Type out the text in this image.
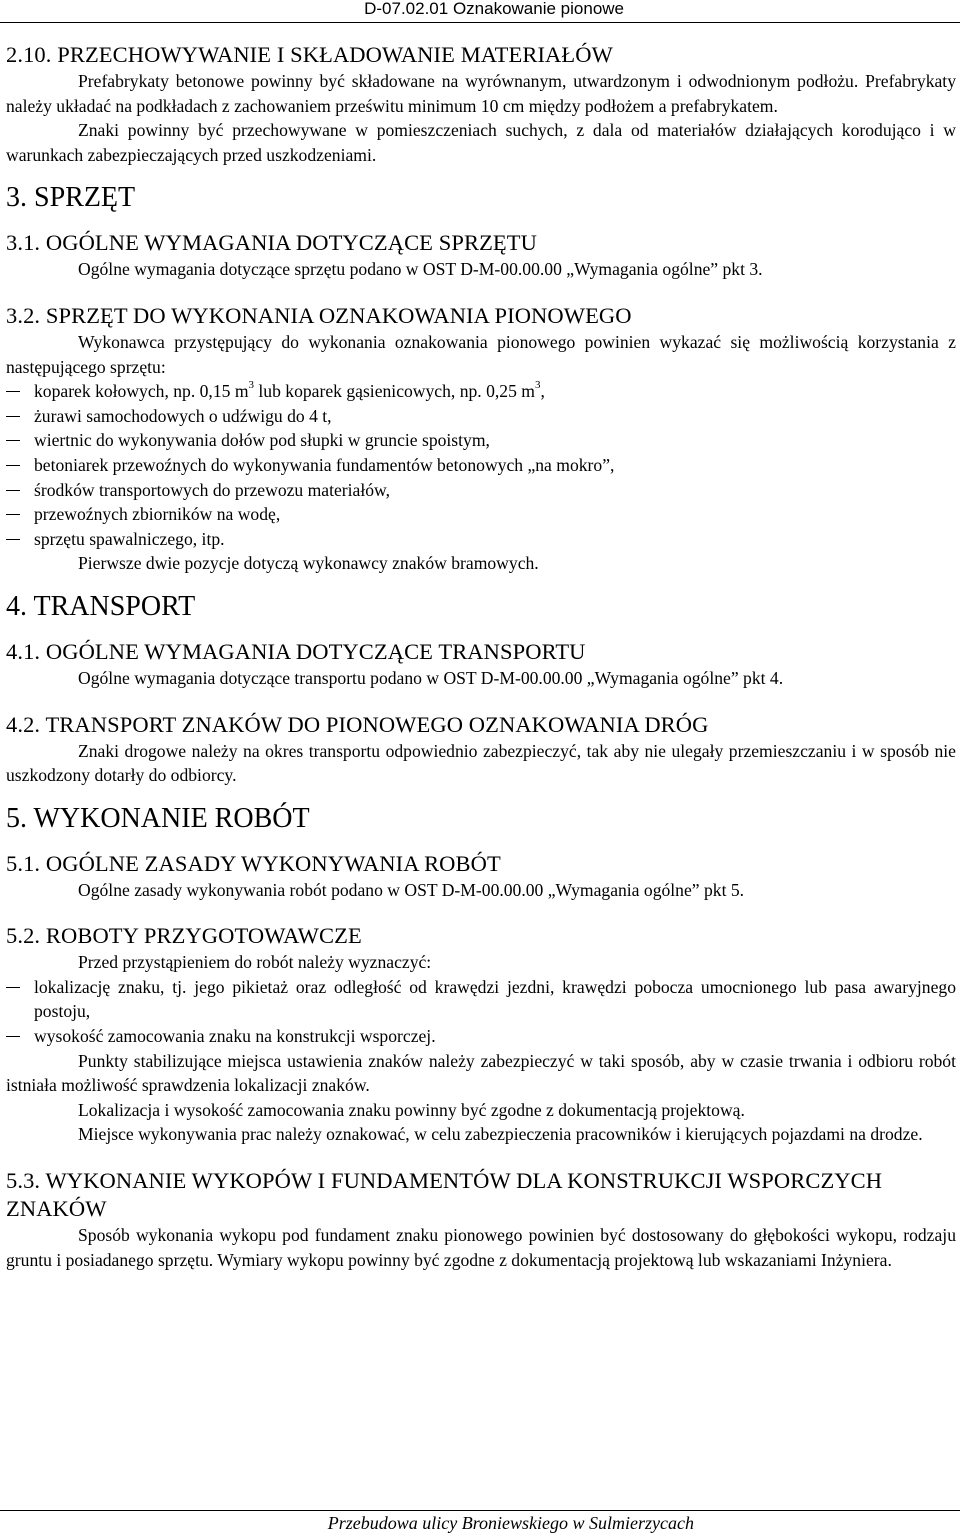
D-07.02.01 Oznakowanie pionowe
2.10. PRZECHOWYWANIE I SKŁADOWANIE MATERIAŁÓW

Prefabrykaty betonowe powinny być składowane na wyrównanym, utwardzonym i odwodnionym podłożu. Prefabrykaty należy układać na podkładach z zachowaniem prześwitu minimum 10 cm między podłożem a prefabrykatem.

Znaki powinny być przechowywane w pomieszczeniach suchych, z dala od materiałów działających korodująco i w warunkach zabezpieczających przed uszkodzeniami.

3. SPRZĘT
3.1. OGÓLNE WYMAGANIA DOTYCZĄCE SPRZĘTU

Ogólne wymagania dotyczące sprzętu podano w OST D-M-00.00.00 „Wymagania ogólne” pkt 3.

3.2. SPRZĘT DO WYKONANIA OZNAKOWANIA PIONOWEGO

Wykonawca przystępujący do wykonania oznakowania pionowego powinien wykazać się możliwością korzystania z następującego sprzętu:

koparek kołowych, np. 0,15 $m^3$ lub koparek gąsienicowych, np. 0,25 $m^3$,
żurawi samochodowych o udźwigu do 4 t,
wiertnic do wykonywania dołów pod słupki w gruncie spoistym,
betoniarek przewoźnych do wykonywania fundamentów betonowych „na mokro”,
środków transportowych do przewozu materiałów,
przewoźnych zbiorników na wodę,
sprzętu spawalniczego, itp.

Pierwsze dwie pozycje dotyczą wykonawcy znaków bramowych.

4. TRANSPORT
4.1. OGÓLNE WYMAGANIA DOTYCZĄCE TRANSPORTU

Ogólne wymagania dotyczące transportu podano w OST D-M-00.00.00 „Wymagania ogólne” pkt 4.

4.2. TRANSPORT ZNAKÓW DO PIONOWEGO OZNAKOWANIA DRÓG

Znaki drogowe należy na okres transportu odpowiednio zabezpieczyć, tak aby nie ulegały przemieszczaniu i w sposób nie uszkodzony dotarły do odbiorcy.

5. WYKONANIE ROBÓT
5.1. OGÓLNE ZASADY WYKONYWANIA ROBÓT

Ogólne zasady wykonywania robót podano w OST D-M-00.00.00 „Wymagania ogólne” pkt 5.

5.2. ROBOTY PRZYGOTOWAWCZE

Przed przystąpieniem do robót należy wyznaczyć:

lokalizację znaku, tj. jego pikietaż oraz odległość od krawędzi jezdni, krawędzi pobocza umocnionego lub pasa awaryjnego postoju,
wysokość zamocowania znaku na konstrukcji wsporczej.

Punkty stabilizujące miejsca ustawienia znaków należy zabezpieczyć w taki sposób, aby w czasie trwania i odbioru robót istniała możliwość sprawdzenia lokalizacji znaków.

Lokalizacja i wysokość zamocowania znaku powinny być zgodne z dokumentacją projektową.

Miejsce wykonywania prac należy oznakować, w celu zabezpieczenia pracowników i kierujących pojazdami na drodze.

5.3. WYKONANIE WYKOPÓW I FUNDAMENTÓW DLA KONSTRUKCJI WSPORCZYCH ZNAKÓW

Sposób wykonania wykopu pod fundament znaku pionowego powinien być dostosowany do głębokości wykopu, rodzaju gruntu i posiadanego sprzętu. Wymiary wykopu powinny być zgodne z dokumentacją projektową lub wskazaniami Inżyniera.

Przebudowa ulicy Broniewskiego w Sulmierzycach
